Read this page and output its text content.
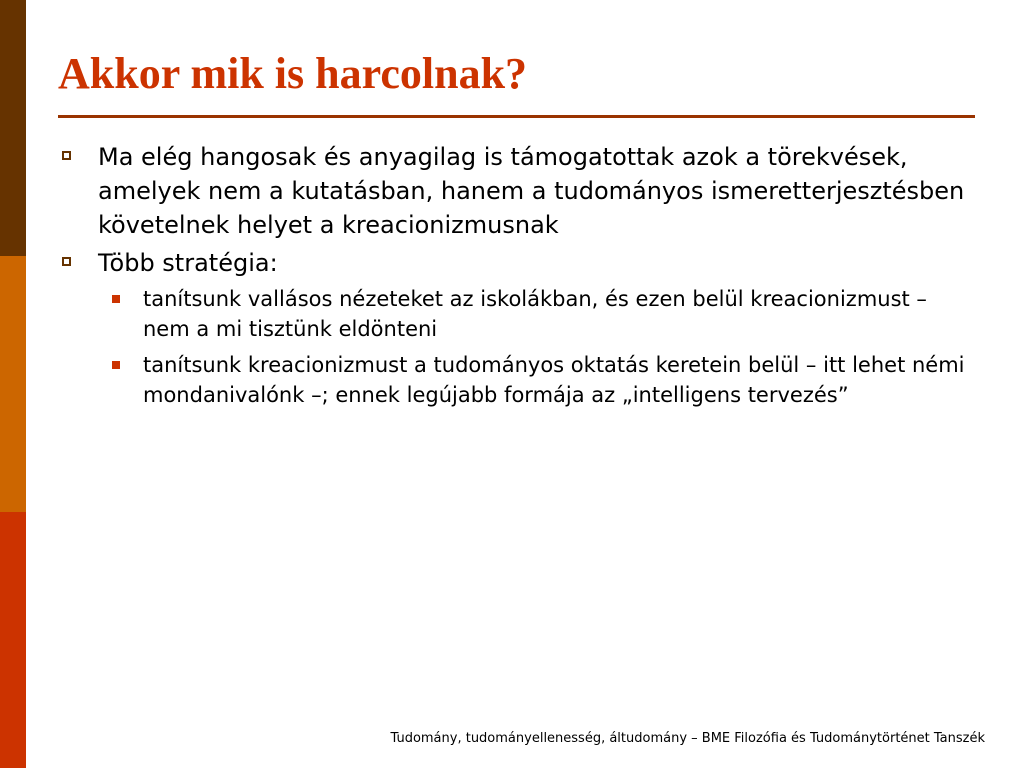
Akkor mik is harcolnak?
Ma elég hangosak és anyagilag is támogatottak azok a törekvések, amelyek nem a kutatásban, hanem a tudományos ismeretterjesztésben követelnek helyet a kreacionizmusnak
Több stratégia:
tanítsunk vallásos nézeteket az iskolákban, és ezen belül kreacionizmust – nem a mi tisztünk eldönteni
tanítsunk kreacionizmust a tudományos oktatás keretein belül – itt lehet némi mondanivalónk –; ennek legújabb formája az „intelligens tervezés”
Tudomány, tudományellenesség, áltudomány – BME Filozófia és Tudománytörténet Tanszék
